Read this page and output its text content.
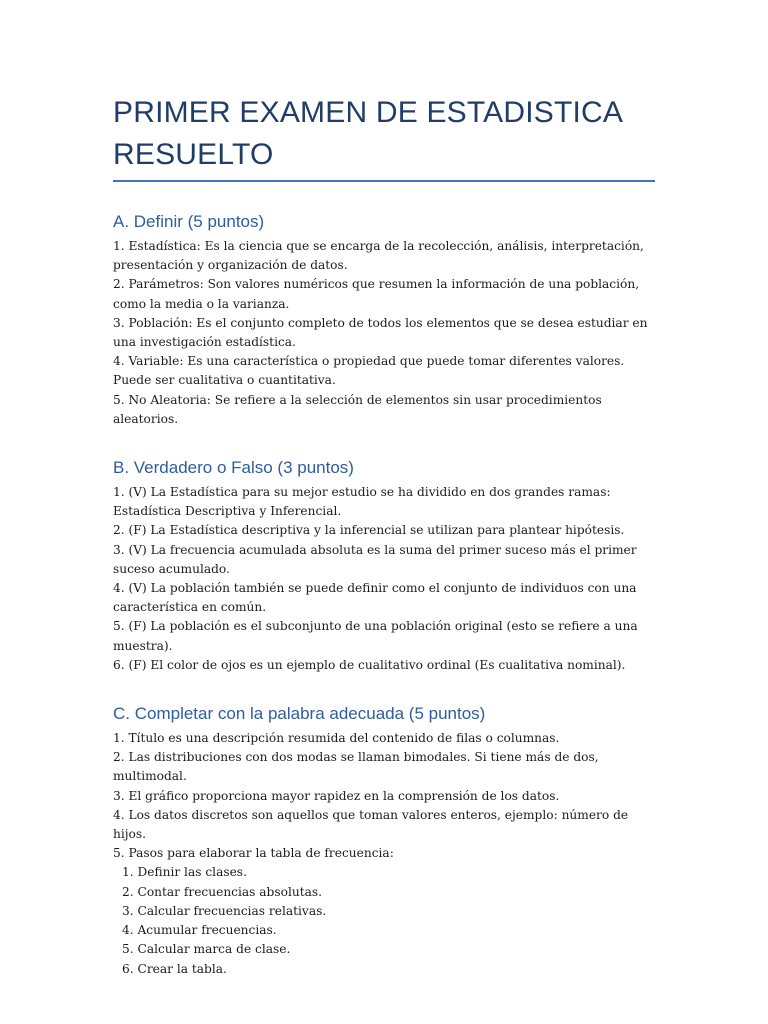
PRIMER EXAMEN DE ESTADISTICA
RESUELTO
A. Definir (5 puntos)
1. Estadística: Es la ciencia que se encarga de la recolección, análisis, interpretación, presentación y organización de datos.
2. Parámetros: Son valores numéricos que resumen la información de una población, como la media o la varianza.
3. Población: Es el conjunto completo de todos los elementos que se desea estudiar en una investigación estadística.
4. Variable: Es una característica o propiedad que puede tomar diferentes valores. Puede ser cualitativa o cuantitativa.
5. No Aleatoria: Se refiere a la selección de elementos sin usar procedimientos aleatorios.
B. Verdadero o Falso (3 puntos)
1. (V) La Estadística para su mejor estudio se ha dividido en dos grandes ramas: Estadística Descriptiva y Inferencial.
2. (F) La Estadística descriptiva y la inferencial se utilizan para plantear hipótesis.
3. (V) La frecuencia acumulada absoluta es la suma del primer suceso más el primer suceso acumulado.
4. (V) La población también se puede definir como el conjunto de individuos con una característica en común.
5. (F) La población es el subconjunto de una población original (esto se refiere a una muestra).
6. (F) El color de ojos es un ejemplo de cualitativo ordinal (Es cualitativa nominal).
C. Completar con la palabra adecuada (5 puntos)
1. Título es una descripción resumida del contenido de filas o columnas.
2. Las distribuciones con dos modas se llaman bimodales. Si tiene más de dos, multimodal.
3. El gráfico proporciona mayor rapidez en la comprensión de los datos.
4. Los datos discretos son aquellos que toman valores enteros, ejemplo: número de hijos.
5. Pasos para elaborar la tabla de frecuencia:
1. Definir las clases.
2. Contar frecuencias absolutas.
3. Calcular frecuencias relativas.
4. Acumular frecuencias.
5. Calcular marca de clase.
6. Crear la tabla.
